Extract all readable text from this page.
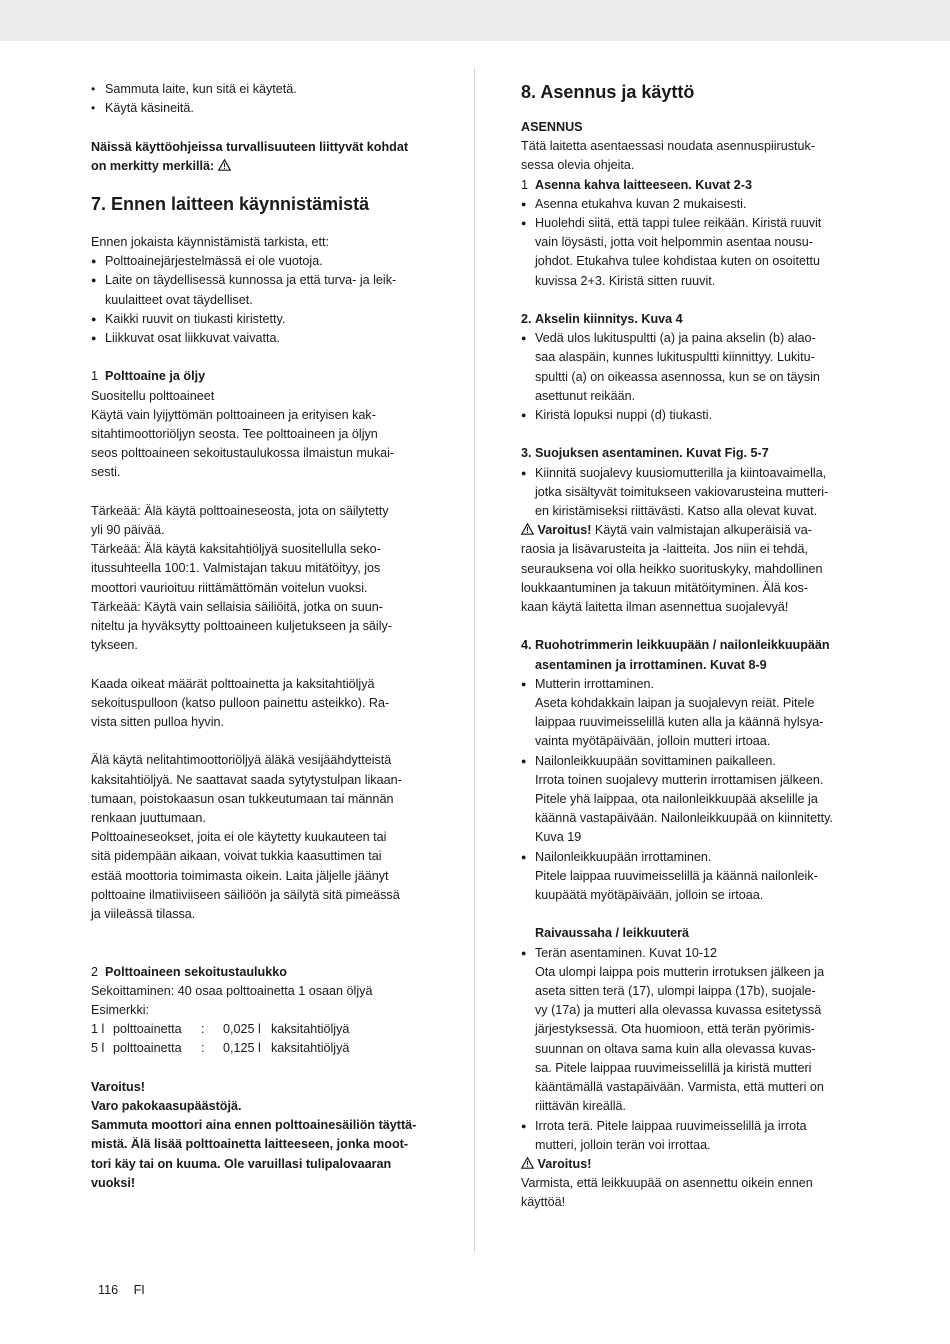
• Sammuta laite, kun sitä ei käytetä.
• Käytä käsineitä.
Näissä käyttöohjeissa turvallisuuteen liittyvät kohdat
on merkitty merkillä:
7. Ennen laitteen käynnistämistä
Ennen jokaista käynnistämistä tarkista, ett:
● Polttoainejärjestelmässä ei ole vuotoja.
● Laite on täydellisessä kunnossa ja että turva- ja leik-
kuulaitteet ovat täydelliset.
● Kaikki ruuvit on tiukasti kiristetty.
● Liikkuvat osat liikkuvat vaivatta.
1 Polttoaine ja öljy
Suositellu polttoaineet
Käytä vain lyijyttömän polttoaineen ja erityisen kak-
sitahtimoottoriöljyn seosta. Tee polttoaineen ja öljyn
seos polttoaineen sekoitustaulukossa ilmaistun mukai-
sesti.
Tärkeää: Älä käytä polttoaineseosta, jota on säilytetty
yli 90 päivää.
Tärkeää: Älä käytä kaksitahtiöljyä suositellulla seko-
itussuhteella 100:1. Valmistajan takuu mitätöityy, jos
moottori vaurioituu riittämättömän voitelun vuoksi.
Tärkeää: Käytä vain sellaisia säiliöitä, jotka on suun-
niteltu ja hyväksytty polttoaineen kuljetukseen ja säily-
tykseen.
Kaada oikeat määrät polttoainetta ja kaksitahtiöljyä
sekoituspulloon (katso pulloon painettu asteikko). Ra-
vista sitten pulloa hyvin.
Älä käytä nelitahtimoottoriöljyä äläkä vesijäähdytteistä
kaksitahtiöljyä. Ne saattavat saada sytytystulpan likaan-
tumaan, poistokaasun osan tukkeutumaan tai männän
renkaan juuttumaan.
Polttoaineseokset, joita ei ole käytetty kuukauteen tai
sitä pidempään aikaan, voivat tukkia kaasuttimen tai
estää moottoria toimimasta oikein. Laita jäljelle jäänyt
polttoaine ilmatiiviiseen säiliöön ja säilytä sitä pimeässä
ja viileässä tilassa.
2 Polttoaineen sekoitustaulukko
Sekoittaminen: 40 osaa polttoainetta 1 osaan öljyä
Esimerkki:
1 l polttoainetta	:	0,025 l kaksitahtiöljyä
5 l polttoainetta	:	0,125 l kaksitahtiöljyä
Varoitus!
Varo pakokaasupäästöjä.
Sammuta moottori aina ennen polttoainesäiliön täyttä-
mistä. Älä lisää polttoainetta laitteeseen, jonka moot-
tori käy tai on kuuma. Ole varuillasi tulipalovaaran
vuoksi!
8. Asennus ja käyttö
ASENNUS
Tätä laitetta asentaessasi noudata asennuspiirustuk-
sessa olevia ohjeita.
1 Asenna kahva laitteeseen. Kuvat 2-3
● Asenna etukahva kuvan 2 mukaisesti.
● Huolehdi siitä, että tappi tulee reikään. Kiristä ruuvit
vain löysästi, jotta voit helpommin asentaa nousu-
johdot. Etukahva tulee kohdistaa kuten on osoitettu
kuvissa 2+3. Kiristä sitten ruuvit.
2. Akselin kiinnitys. Kuva 4
● Vedä ulos lukituspultti (a) ja paina akselin (b) alao-
saa alaspäin, kunnes lukituspultti kiinnittyy. Lukitu-
spultti (a) on oikeassa asennossa, kun se on täysin
asettunut reikään.
● Kiristä lopuksi nuppi (d) tiukasti.
3. Suojuksen asentaminen. Kuvat Fig. 5-7
● Kiinnitä suojalevy kuusiomutterilla ja kiintoavaimella,
jotka sisältyvät toimitukseen vakiovarusteina mutteri-
en kiristämiseksi riittävästi. Katso alla olevat kuvat.
Varoitus! Käytä vain valmistajan alkuperäisiä va-
raosia ja lisävarusteita ja -laitteita. Jos niin ei tehdä,
seurauksena voi olla heikko suorituskyky, mahdollinen
loukkaantuminen ja takuun mitätöityminen. Älä kos-
kaan käytä laitetta ilman asennettua suojalevyä!
4. Ruohotrimmerin leikkuupään / nailonleikkuupään
asentaminen ja irrottaminen. Kuvat 8-9
● Mutterin irrottaminen.
Aseta kohdakkain laipan ja suojalevyn reiät. Pitele
laippaa ruuvimeisselillä kuten alla ja käännä hylsya-
vainta myötäpäivään, jolloin mutteri irtoaa.
● Nailonleikkuupään sovittaminen paikalleen.
Irrota toinen suojalevy mutterin irrottamisen jälkeen.
Pitele yhä laippaa, ota nailonleikkuupää akselille ja
käännä vastapäivään. Nailonleikkuupää on kiinnitetty.
Kuva 19
● Nailonleikkuupään irrottaminen.
Pitele laippaa ruuvimeisselillä ja käännä nailonleik-
kuupäätä myötäpäivään, jolloin se irtoaa.
Raivaussaha / leikkuuterä
● Terän asentaminen. Kuvat 10-12
Ota ulompi laippa pois mutterin irrotuksen jälkeen ja
aseta sitten terä (17), ulompi laippa (17b), suojale-
vy (17a) ja mutteri alla olevassa kuvassa esitetyssä
järjestyksessä. Ota huomioon, että terän pyörimis-
suunnan on oltava sama kuin alla olevassa kuvas-
sa. Pitele laippaa ruuvimeisselillä ja kiristä mutteri
kääntämällä vastapäivään. Varmista, että mutteri on
riittävän kireällä.
● Irrota terä. Pitele laippaa ruuvimeisselillä ja irrota
mutteri, jolloin terän voi irrottaa.
Varoitus!
Varmista, että leikkuupää on asennettu oikein ennen
käyttöä!
116 FI
